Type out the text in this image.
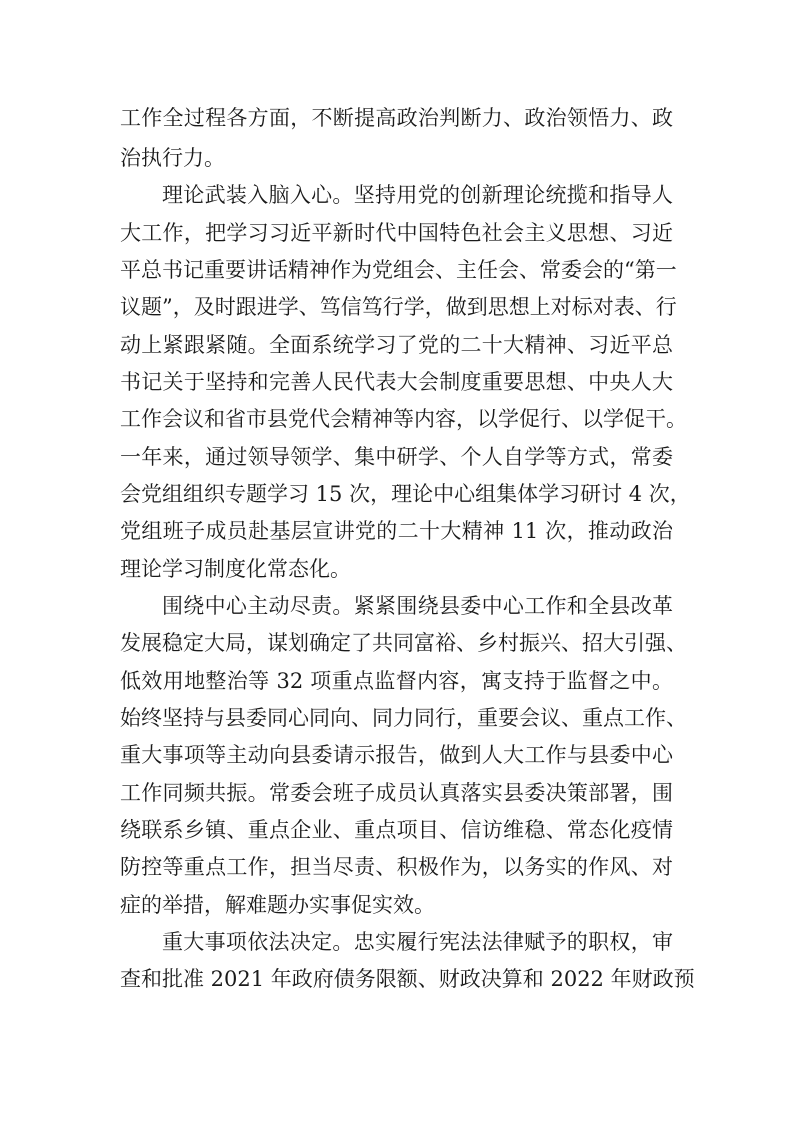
工作全过程各方面，不断提高政治判断力、政治领悟力、政
治执行力。
理论武装入脑入心。坚持用党的创新理论统揽和指导人
大工作，把学习习近平新时代中国特色社会主义思想、习近
平总书记重要讲话精神作为党组会、主任会、常委会的“第一
议题”，及时跟进学、笃信笃行学，做到思想上对标对表、行
动上紧跟紧随。全面系统学习了党的二十大精神、习近平总
书记关于坚持和完善人民代表大会制度重要思想、中央人大
工作会议和省市县党代会精神等内容，以学促行、以学促干。
一年来，通过领导领学、集中研学、个人自学等方式，常委
会党组组织专题学习 15 次，理论中心组集体学习研讨 4 次，
党组班子成员赴基层宣讲党的二十大精神 11 次，推动政治
理论学习制度化常态化。
围绕中心主动尽责。紧紧围绕县委中心工作和全县改革
发展稳定大局，谋划确定了共同富裕、乡村振兴、招大引强、
低效用地整治等 32 项重点监督内容，寓支持于监督之中。
始终坚持与县委同心同向、同力同行，重要会议、重点工作、
重大事项等主动向县委请示报告，做到人大工作与县委中心
工作同频共振。常委会班子成员认真落实县委决策部署，围
绕联系乡镇、重点企业、重点项目、信访维稳、常态化疫情
防控等重点工作，担当尽责、积极作为，以务实的作风、对
症的举措，解难题办实事促实效。
重大事项依法决定。忠实履行宪法法律赋予的职权，审
查和批准 2021 年政府债务限额、财政决算和 2022 年财政预
